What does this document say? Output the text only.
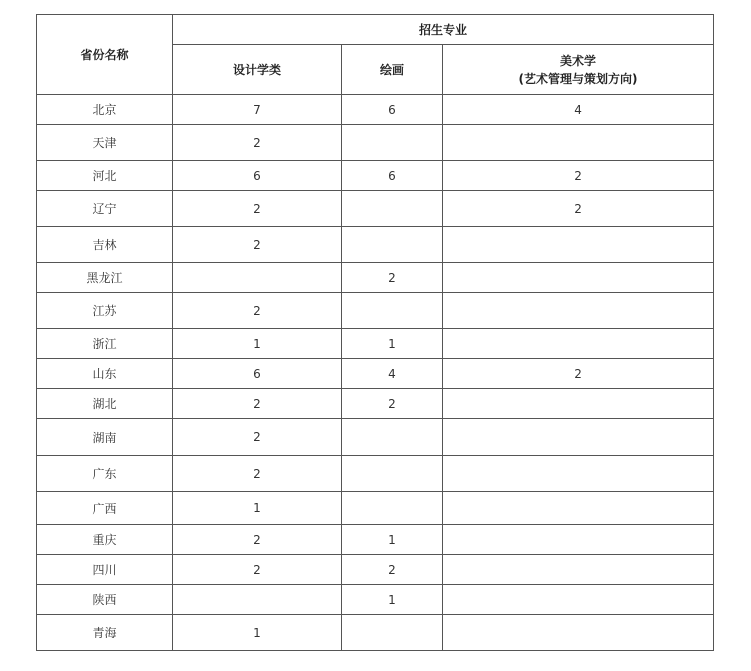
省份名称	招生专业		

	设计学类	绘画	美术学
(艺术管理与策划方向)

北京	7	6	4
天津	2		
河北	6	6	2
辽宁	2		2
吉林	2		
黑龙江		2	
江苏	2		
浙江	1	1	
山东	6	4	2
湖北	2	2	
湖南	2		
广东	2		
广西	1		
重庆	2	1	
四川	2	2	
陕西		1	
青海	1		
